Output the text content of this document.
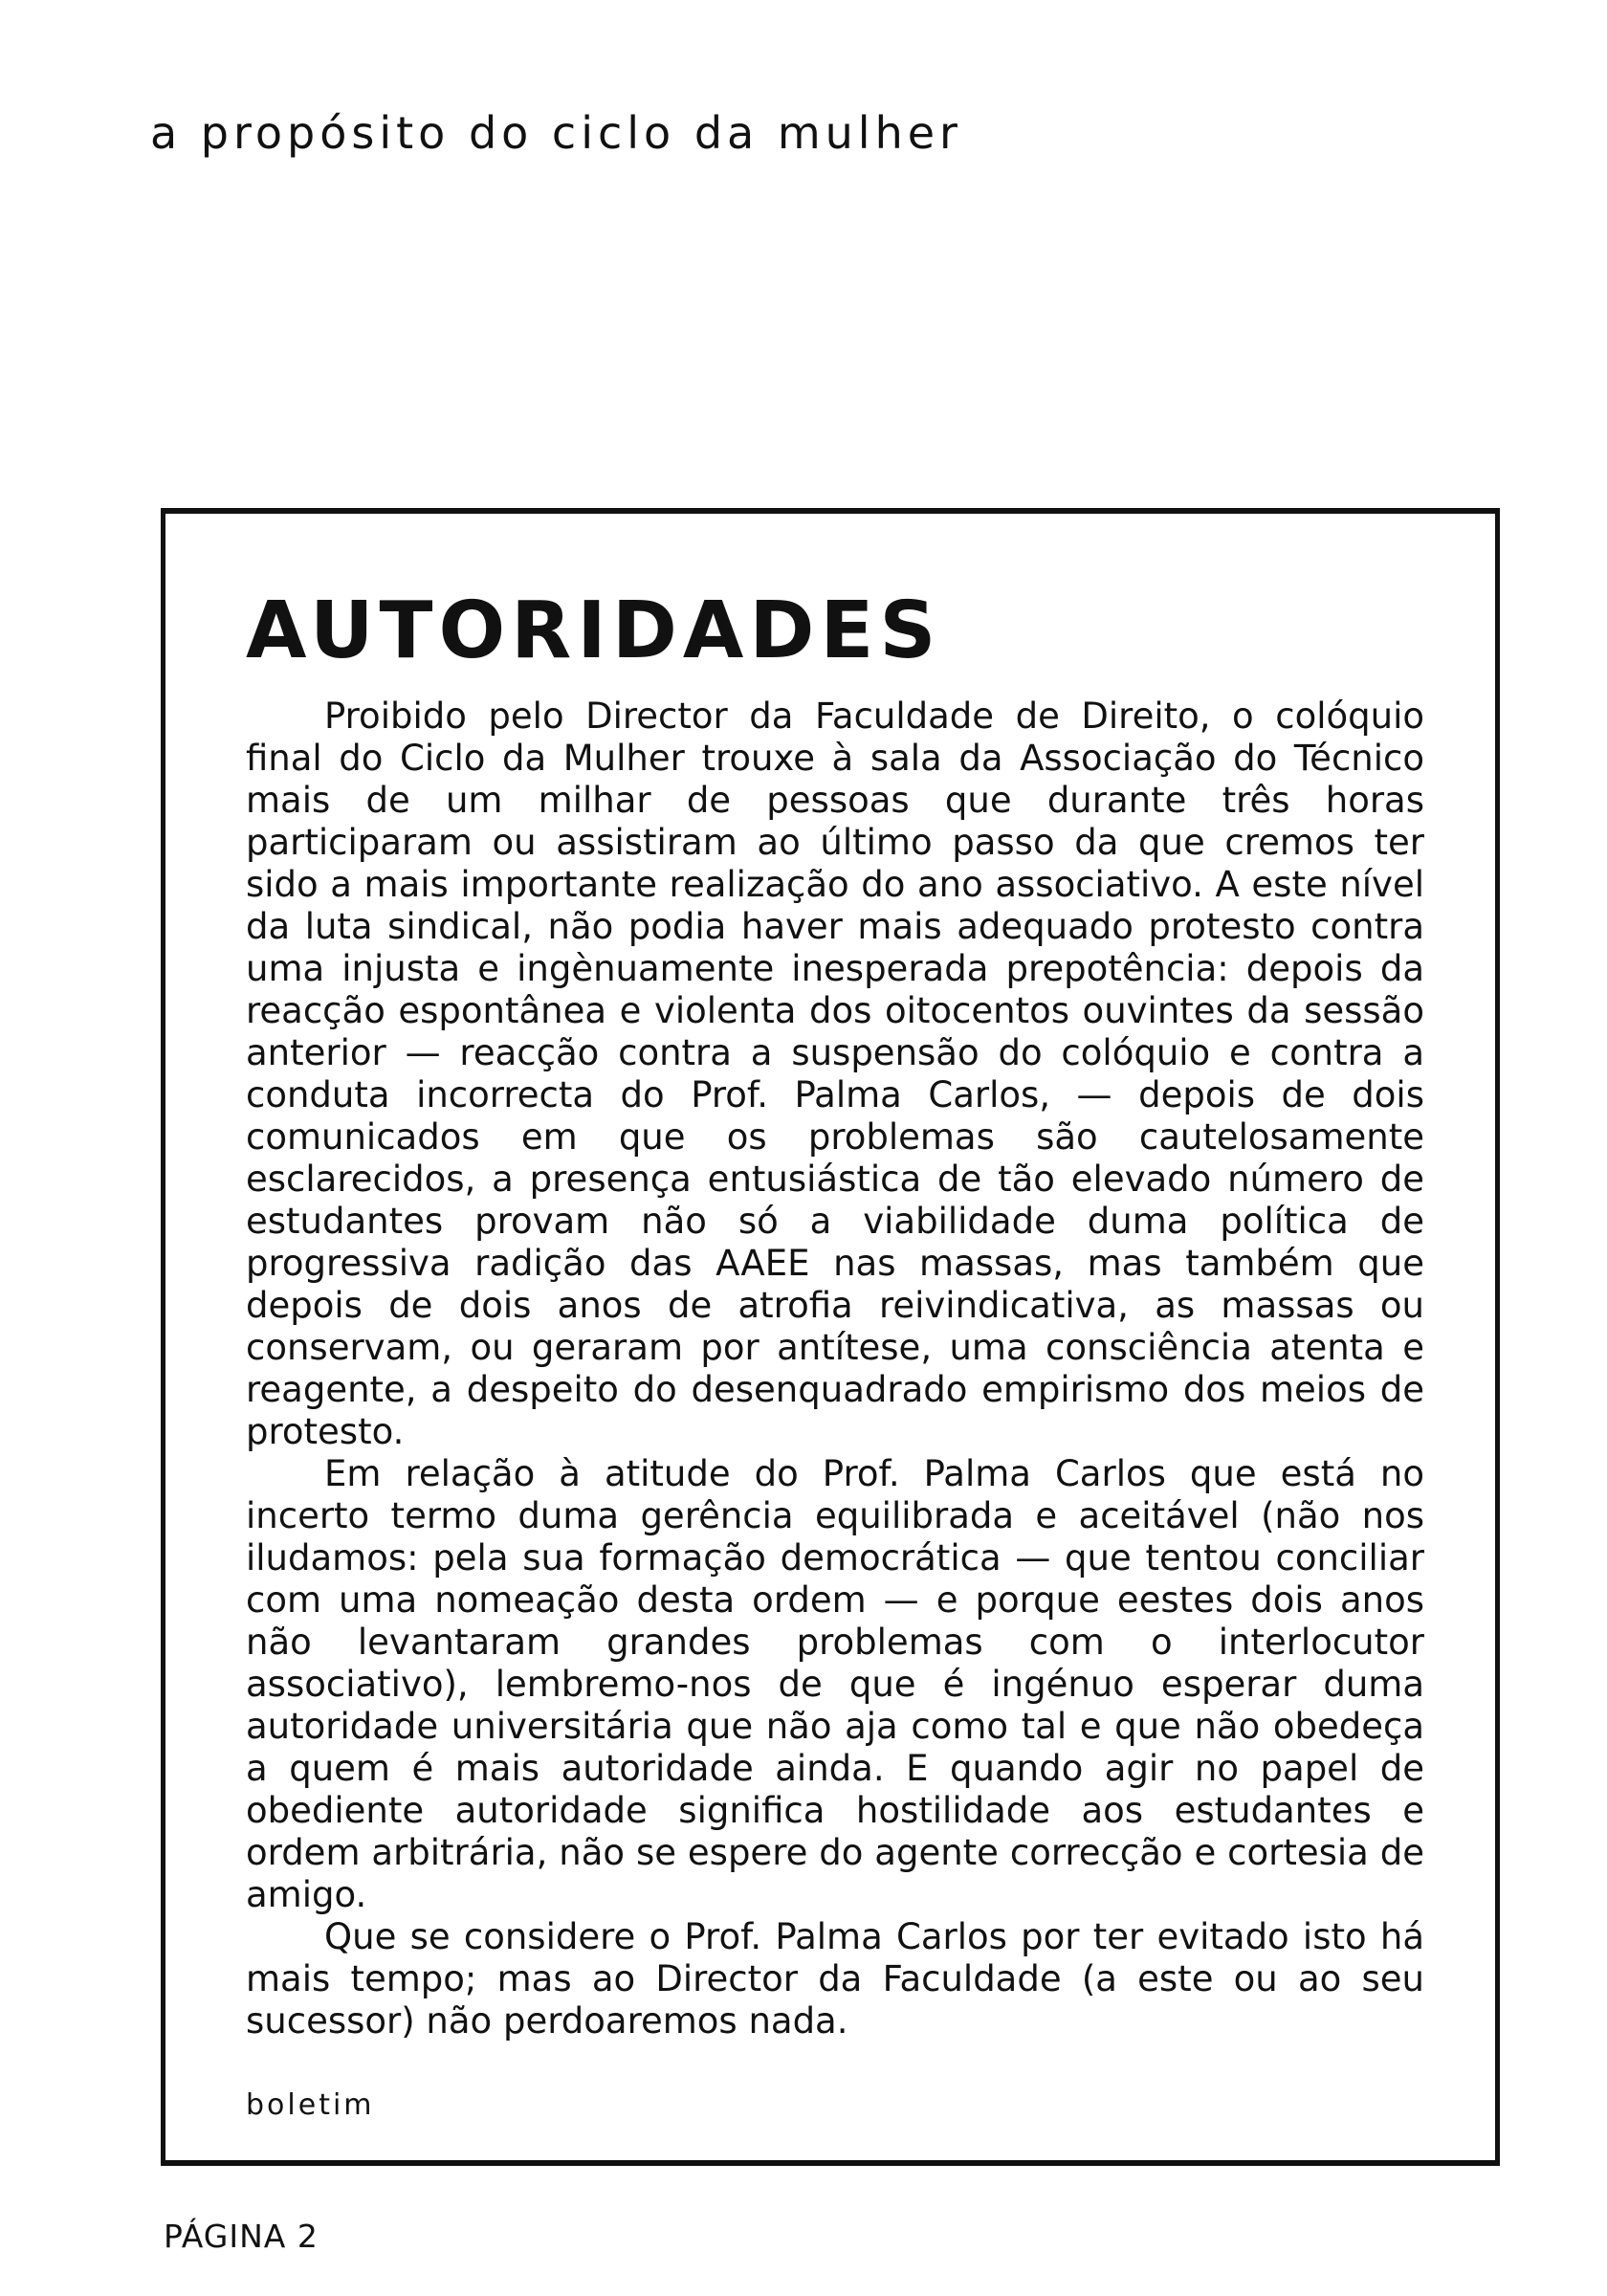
a propósito do ciclo da mulher
AUTORIDADES

Proibido pelo Director da Faculdade de Direito, o colóquio final do Ciclo da Mulher trouxe à sala da Associação do Técnico mais de um milhar de pessoas que durante três horas participaram ou assistiram ao último passo da que cremos ter sido a mais importante realização do ano associativo. A este nível da luta sindical, não podia haver mais adequado protesto contra uma injusta e ingènuamente inesperada prepotência: depois da reacção espontânea e violenta dos oitocentos ouvintes da sessão anterior — reacção contra a suspensão do colóquio e contra a conduta incorrecta do Prof. Palma Carlos, — depois de dois comunicados em que os problemas são cautelosamente esclarecidos, a presença entusiástica de tão elevado número de estudantes provam não só a viabilidade duma política de progressiva radição das AAEE nas massas, mas também que depois de dois anos de atrofia reivindicativa, as massas ou conservam, ou geraram por antítese, uma consciência atenta e reagente, a despeito do desenquadrado empirismo dos meios de protesto.

Em relação à atitude do Prof. Palma Carlos que está no incerto termo duma gerência equilibrada e aceitável (não nos iludamos: pela sua formação democrática — que tentou conciliar com uma nomeação desta ordem — e porque eestes dois anos não levantaram grandes problemas com o interlocutor associativo), lembremo-nos de que é ingénuo esperar duma autoridade universitária que não aja como tal e que não obedeça a quem é mais autoridade ainda. E quando agir no papel de obediente autoridade significa hostilidade aos estudantes e ordem arbitrária, não se espere do agente correcção e cortesia de amigo.

Que se considere o Prof. Palma Carlos por ter evitado isto há mais tempo; mas ao Director da Faculdade (a este ou ao seu sucessor) não perdoaremos nada.

boletim
PÁGINA 2
